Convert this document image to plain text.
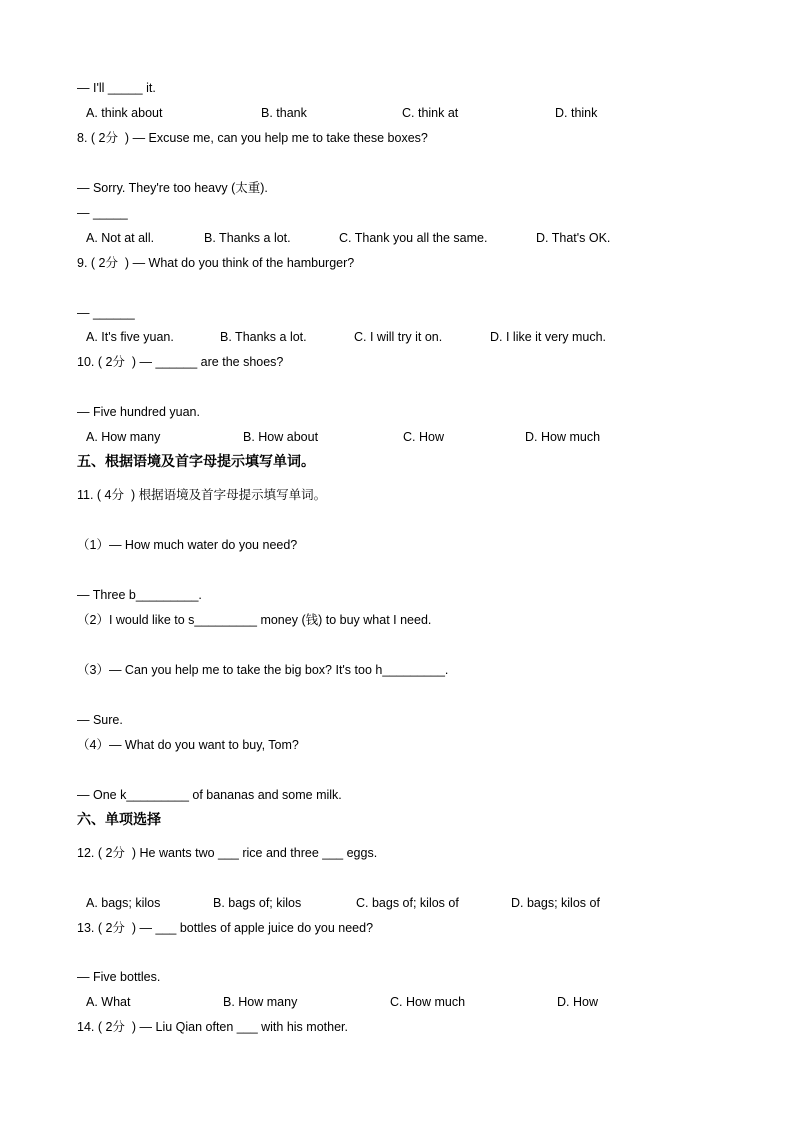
— I'll _____ it.
A. think about	B. thank	C. think at	D. think
8. ( 2分  ) — Excuse me, can you help me to take these boxes?
— Sorry. They're too heavy (太重).
— _____
A. Not at all.	B. Thanks a lot.	C. Thank you all the same.	D. That's OK.
9. ( 2分  ) — What do you think of the hamburger?
— ______
A. It's five yuan.	B. Thanks a lot.	C. I will try it on.	D. I like it very much.
10. ( 2分  ) — ______ are the shoes?
— Five hundred yuan.
A. How many	B. How about	C. How	D. How much
五、根据语境及首字母提示填写单词。
11. ( 4分  ) 根据语境及首字母提示填写单词。
（1）— How much water do you need?
— Three b_________.
（2）I would like to s_________ money (钱) to buy what I need.
（3）— Can you help me to take the big box? It's too h_________.
— Sure.
（4）— What do you want to buy, Tom?
— One k_________ of bananas and some milk.
六、单项选择
12. ( 2分  ) He wants two ___ rice and three ___ eggs.
A. bags; kilos	B. bags of; kilos	C. bags of; kilos of	D. bags; kilos of
13. ( 2分  ) — ___ bottles of apple juice do you need?
— Five bottles.
A. What	B. How many	C. How much	D. How
14. ( 2分  ) — Liu Qian often ___ with his mother.
